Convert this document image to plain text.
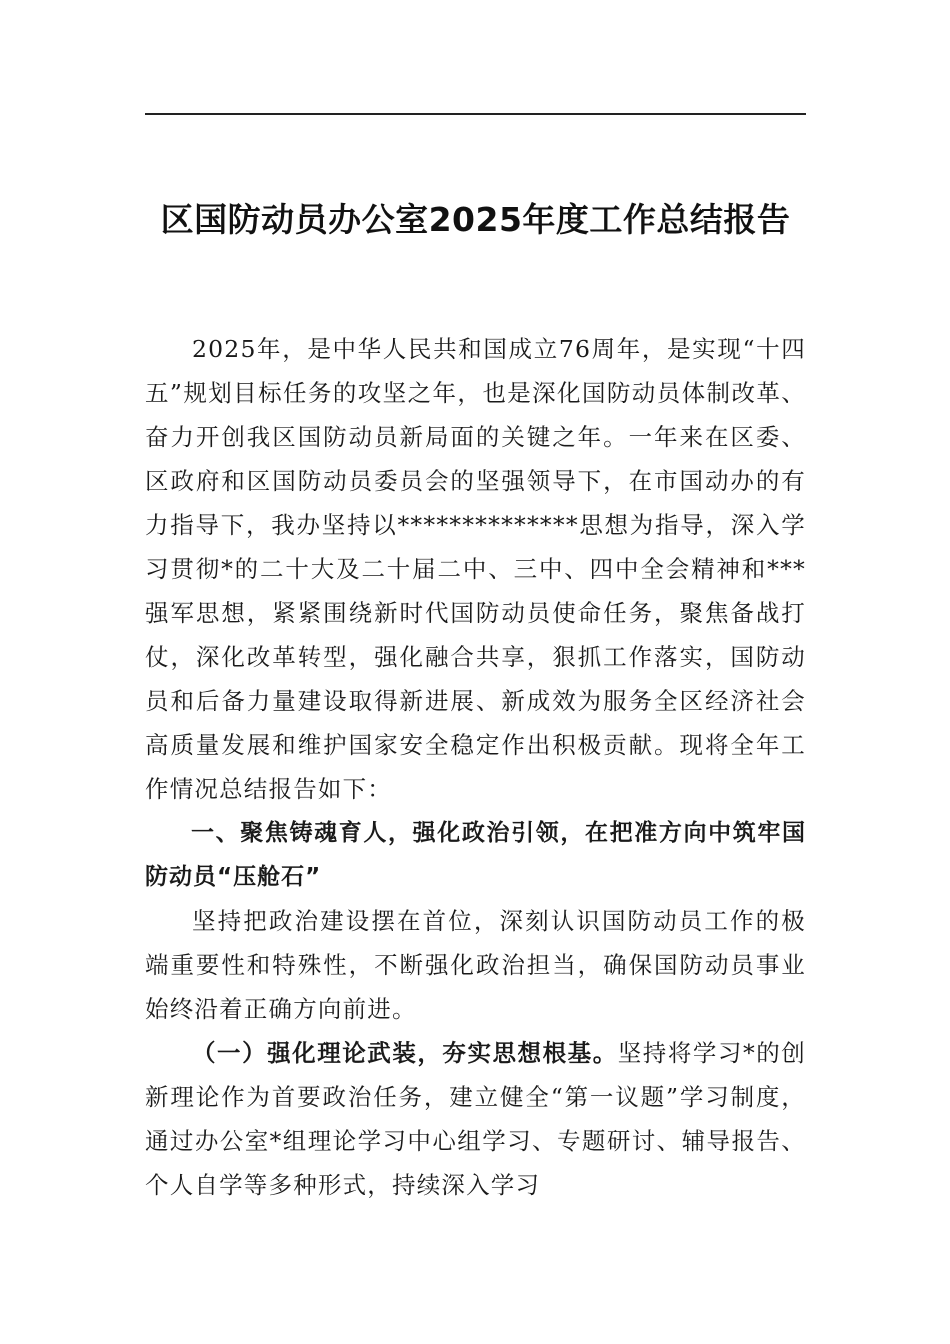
区国防动员办公室2025年度工作总结报告

2025年，是中华人民共和国成立76周年，是实现“十四五”规划目标任务的攻坚之年，也是深化国防动员体制改革、奋力开创我区国防动员新局面的关键之年。一年来在区委、区政府和区国防动员委员会的坚强领导下，在市国动办的有力指导下，我办坚持以**************思想为指导，深入学习贯彻*的二十大及二十届二中、三中、四中全会精神和***强军思想，紧紧围绕新时代国防动员使命任务，聚焦备战打仗，深化改革转型，强化融合共享，狠抓工作落实，国防动员和后备力量建设取得新进展、新成效为服务全区经济社会高质量发展和维护国家安全稳定作出积极贡献。现将全年工作情况总结报告如下：

一、聚焦铸魂育人，强化政治引领，在把准方向中筑牢国防动员“压舱石”

坚持把政治建设摆在首位，深刻认识国防动员工作的极端重要性和特殊性，不断强化政治担当，确保国防动员事业始终沿着正确方向前进。

（一）强化理论武装，夯实思想根基。坚持将学习*的创新理论作为首要政治任务，建立健全“第一议题”学习制度，通过办公室*组理论学习中心组学习、专题研讨、辅导报告、个人自学等多种形式，持续深入学习
